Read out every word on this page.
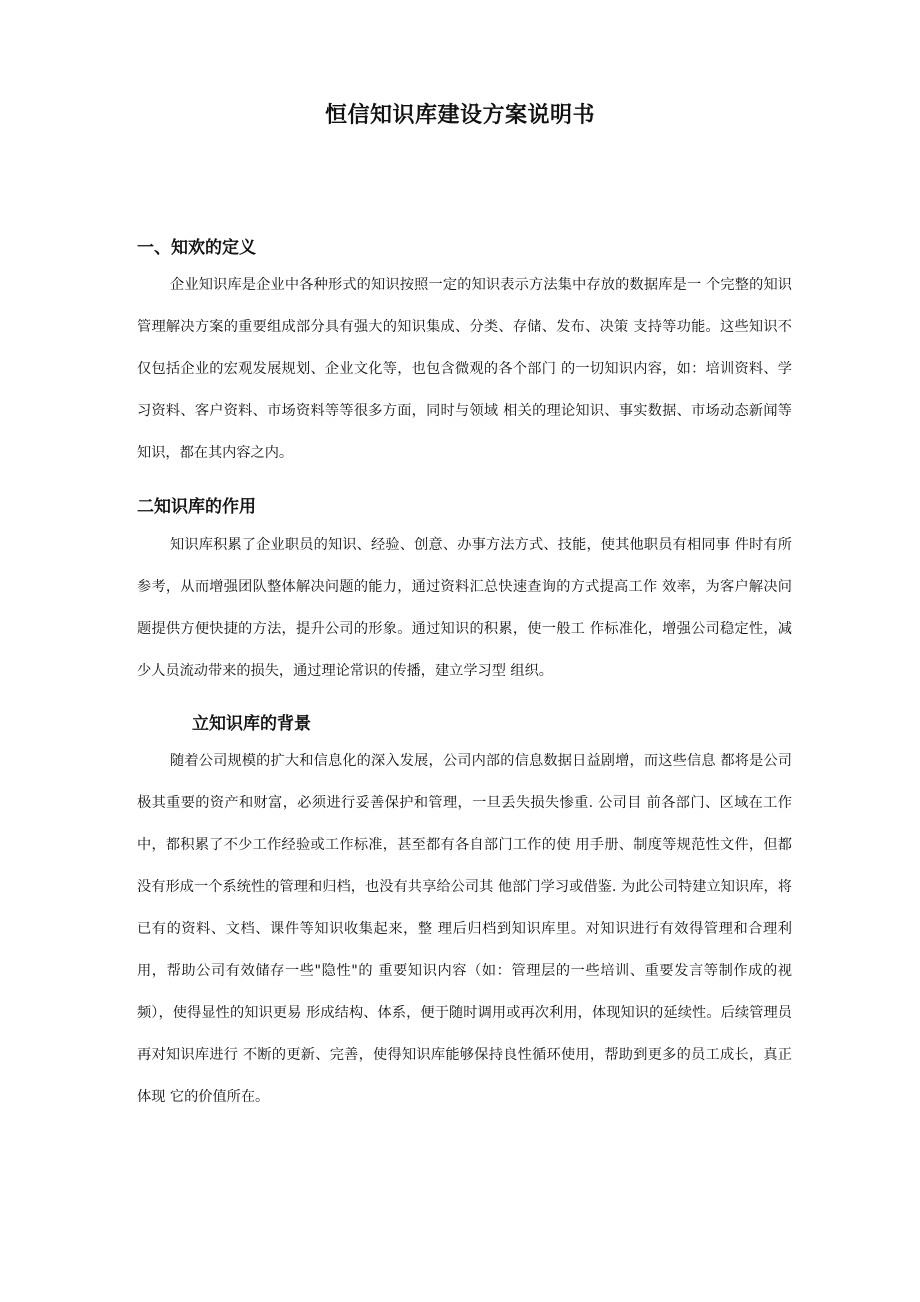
恒信知识库建设方案说明书
一、知欢的定义

企业知识库是企业中各种形式的知识按照一定的知识表示方法集中存放的数据库是一 个完整的知识管理解决方案的重要组成部分具有强大的知识集成、分类、存储、发布、决策 支持等功能。这些知识不仅包括企业的宏观发展规划、企业文化等，也包含微观的各个部门 的一切知识内容，如：培训资料、学习资料、客户资料、市场资料等等很多方面，同时与领域 相关的理论知识、事实数据、市场动态新闻等知识，都在其内容之内。

二知识库的作用

知识库积累了企业职员的知识、经验、创意、办事方法方式、技能，使其他职员有相同事 件时有所参考，从而增强团队整体解决问题的能力，通过资料汇总快速查询的方式提高工作 效率，为客户解决问题提供方便快捷的方法，提升公司的形象。通过知识的积累，使一般工 作标准化，增强公司稳定性，减少人员流动带来的损失，通过理论常识的传播，建立学习型 组织。

立知识库的背景

随着公司规模的扩大和信息化的深入发展，公司内部的信息数据日益剧增，而这些信息 都将是公司极其重要的资产和财富，必须进行妥善保护和管理，一旦丢失损失惨重. 公司目 前各部门、区域在工作中，都积累了不少工作经验或工作标准，甚至都有各自部门工作的使 用手册、制度等规范性文件，但都没有形成一个系统性的管理和归档，也没有共享给公司其 他部门学习或借鉴. 为此公司特建立知识库，将已有的资料、文档、课件等知识收集起来，整 理后归档到知识库里。对知识进行有效得管理和合理利用，帮助公司有效储存一些"隐性"的 重要知识内容（如：管理层的一些培训、重要发言等制作成的视频），使得显性的知识更易 形成结构、体系，便于随时调用或再次利用，体现知识的延续性。后续管理员再对知识库进行 不断的更新、完善，使得知识库能够保持良性循环使用，帮助到更多的员工成长，真正体现 它的价值所在。
